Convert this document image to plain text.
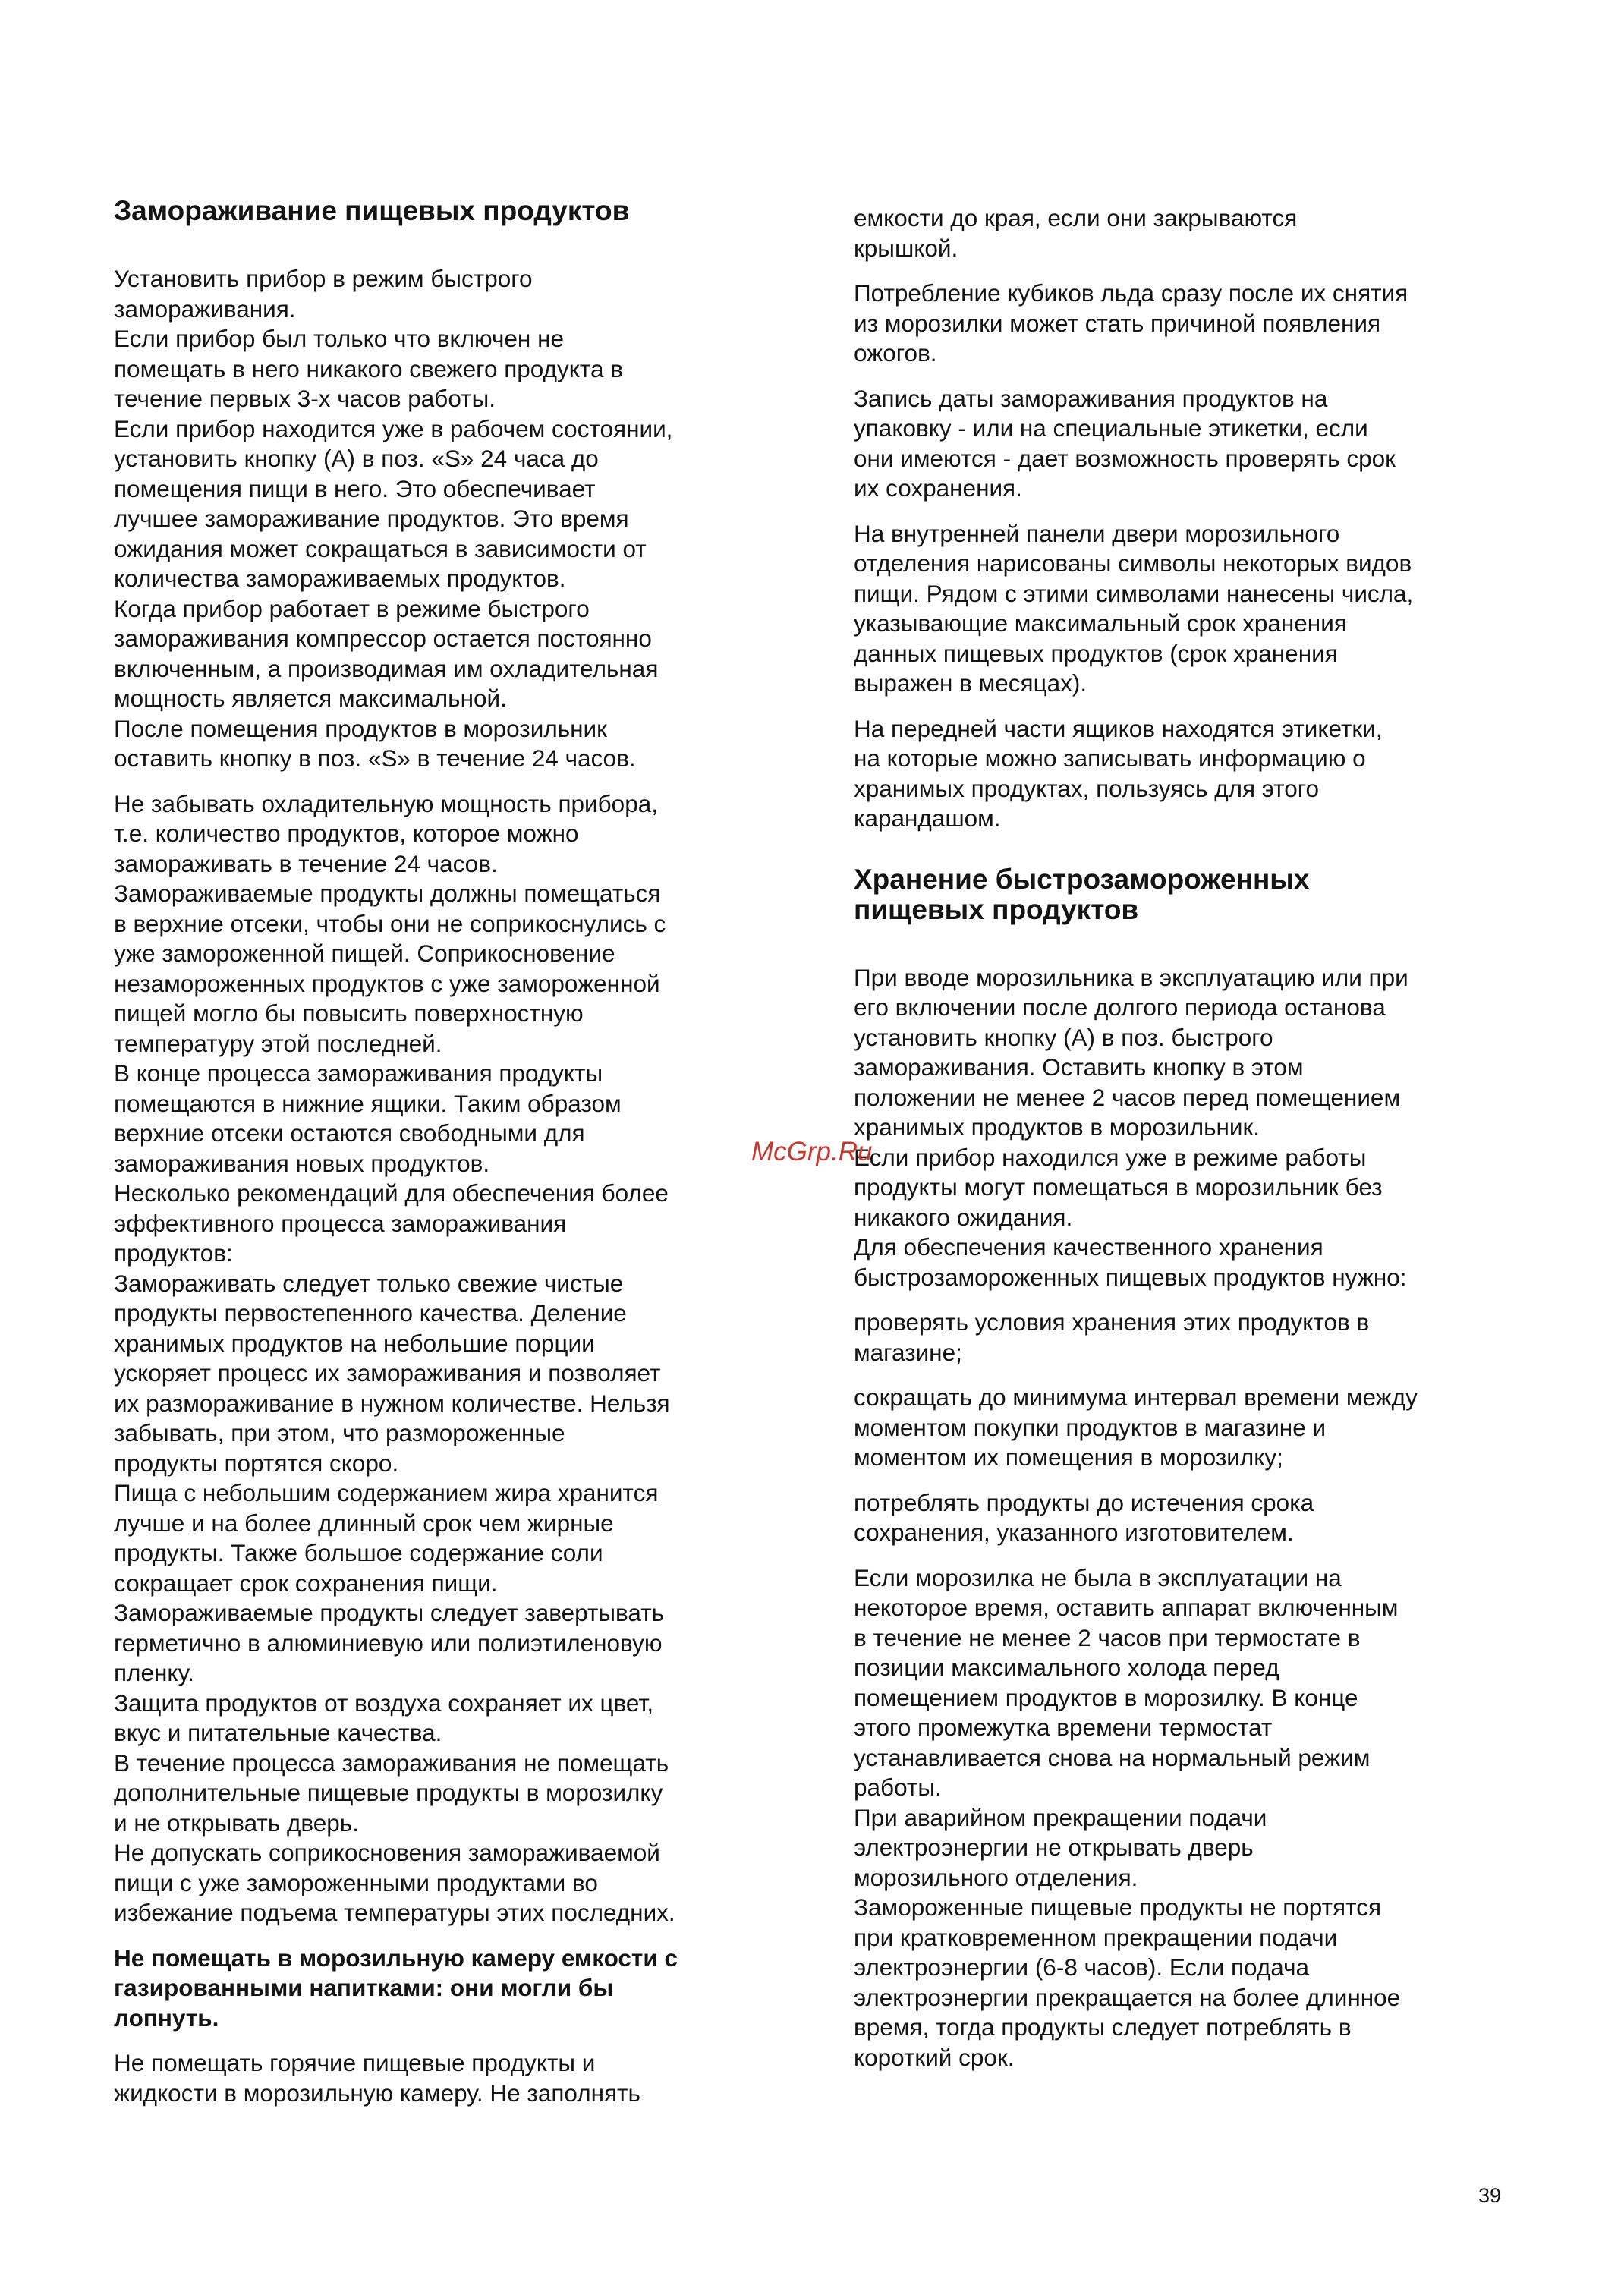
Замораживание пищевых продуктов

Установить прибор в режим быстрого
замораживания.
Если прибор был только что включен не
помещать в него никакого свежего продукта в
течение первых 3-х часов работы.
Если прибор находится уже в рабочем состоянии,
установить кнопку (А) в поз. «S» 24 часа до
помещения пищи в него. Это обеспечивает
лучшее замораживание продуктов. Это время
ожидания может сокращаться в зависимости от
количества замораживаемых продуктов.
Когда прибор работает в режиме быстрого
замораживания компрессор остается постоянно
включенным, а производимая им охладительная
мощность является максимальной.
После помещения продуктов в морозильник
оставить кнопку в поз. «S» в течение 24 часов.

Не забывать охладительную мощность прибора,
т.е. количество продуктов, которое можно
замораживать в течение 24 часов.
Замораживаемые продукты должны помещаться
в верхние отсеки, чтобы они не соприкоснулись с
уже замороженной пищей. Соприкосновение
незамороженных продуктов с уже замороженной
пищей могло бы повысить поверхностную
температуру этой последней.
В конце процесса замораживания продукты
помещаются в нижние ящики. Таким образом
верхние отсеки остаются свободными для
замораживания новых продуктов.
Несколько рекомендаций для обеспечения более
эффективного процесса замораживания
продуктов:
Замораживать следует только свежие чистые
продукты первостепенного качества. Деление
хранимых продуктов на небольшие порции
ускоряет процесс их замораживания и позволяет
их размораживание в нужном количестве. Нельзя
забывать, при этом, что размороженные
продукты портятся скоро.
Пища с небольшим содержанием жира хранится
лучше и на более длинный срок чем жирные
продукты. Также большое содержание соли
сокращает срок сохранения пищи.
Замораживаемые продукты следует завертывать
герметично в алюминиевую или полиэтиленовую
пленку.
Защита продуктов от воздуха сохраняет их цвет,
вкус и питательные качества.
В течение процесса замораживания не помещать
дополнительные пищевые продукты в морозилку
и не открывать дверь.
Не допускать соприкосновения замораживаемой
пищи с уже замороженными продуктами во
избежание подъема температуры этих последних.

Не помещать в морозильную камеру емкости с
газированными напитками: они могли бы
лопнуть.

Не помещать горячие пищевые продукты и
жидкости в морозильную камеру. Не заполнять

емкости до края, если они закрываются
крышкой.

Потребление кубиков льда сразу после их снятия
из морозилки может стать причиной появления
ожогов.

Запись даты замораживания продуктов на
упаковку - или на специальные этикетки, если
они имеются - дает возможность проверять срок
их сохранения.

На внутренней панели двери морозильного
отделения нарисованы символы некоторых видов
пищи. Рядом с этими символами нанесены числа,
указывающие максимальный срок хранения
данных пищевых продуктов (срок хранения
выражен в месяцах).

На передней части ящиков находятся этикетки,
на которые можно записывать информацию о
хранимых продуктах, пользуясь для этого
карандашом.

Хранение быстрозамороженных
пищевых продуктов

При вводе морозильника в эксплуатацию или при
его включении после долгого периода останова
установить кнопку (А) в поз. быстрого
замораживания. Оставить кнопку в этом
положении не менее 2 часов перед помещением
хранимых продуктов в морозильник.
Если прибор находился уже в режиме работы
продукты могут помещаться в морозильник без
никакого ожидания.
Для обеспечения качественного хранения
быстрозамороженных пищевых продуктов нужно:

проверять условия хранения этих продуктов в
магазине;

сокращать до минимума интервал времени между
моментом покупки продуктов в магазине и
моментом их помещения в морозилку;

потреблять продукты до истечения срока
сохранения, указанного изготовителем.

Если морозилка не была в эксплуатации на
некоторое время, оставить аппарат включенным
в течение не менее 2 часов при термостате в
позиции максимального холода перед
помещением продуктов в морозилку. В конце
этого промежутка времени термостат
устанавливается снова на нормальный режим
работы.
При аварийном прекращении подачи
электроэнергии не открывать дверь
морозильного отделения.
Замороженные пищевые продукты не портятся
при кратковременном прекращении подачи
электроэнергии (6-8 часов). Если подача
электроэнергии прекращается на более длинное
время, тогда продукты следует потреблять в
короткий срок.

McGrp.Ru
39
